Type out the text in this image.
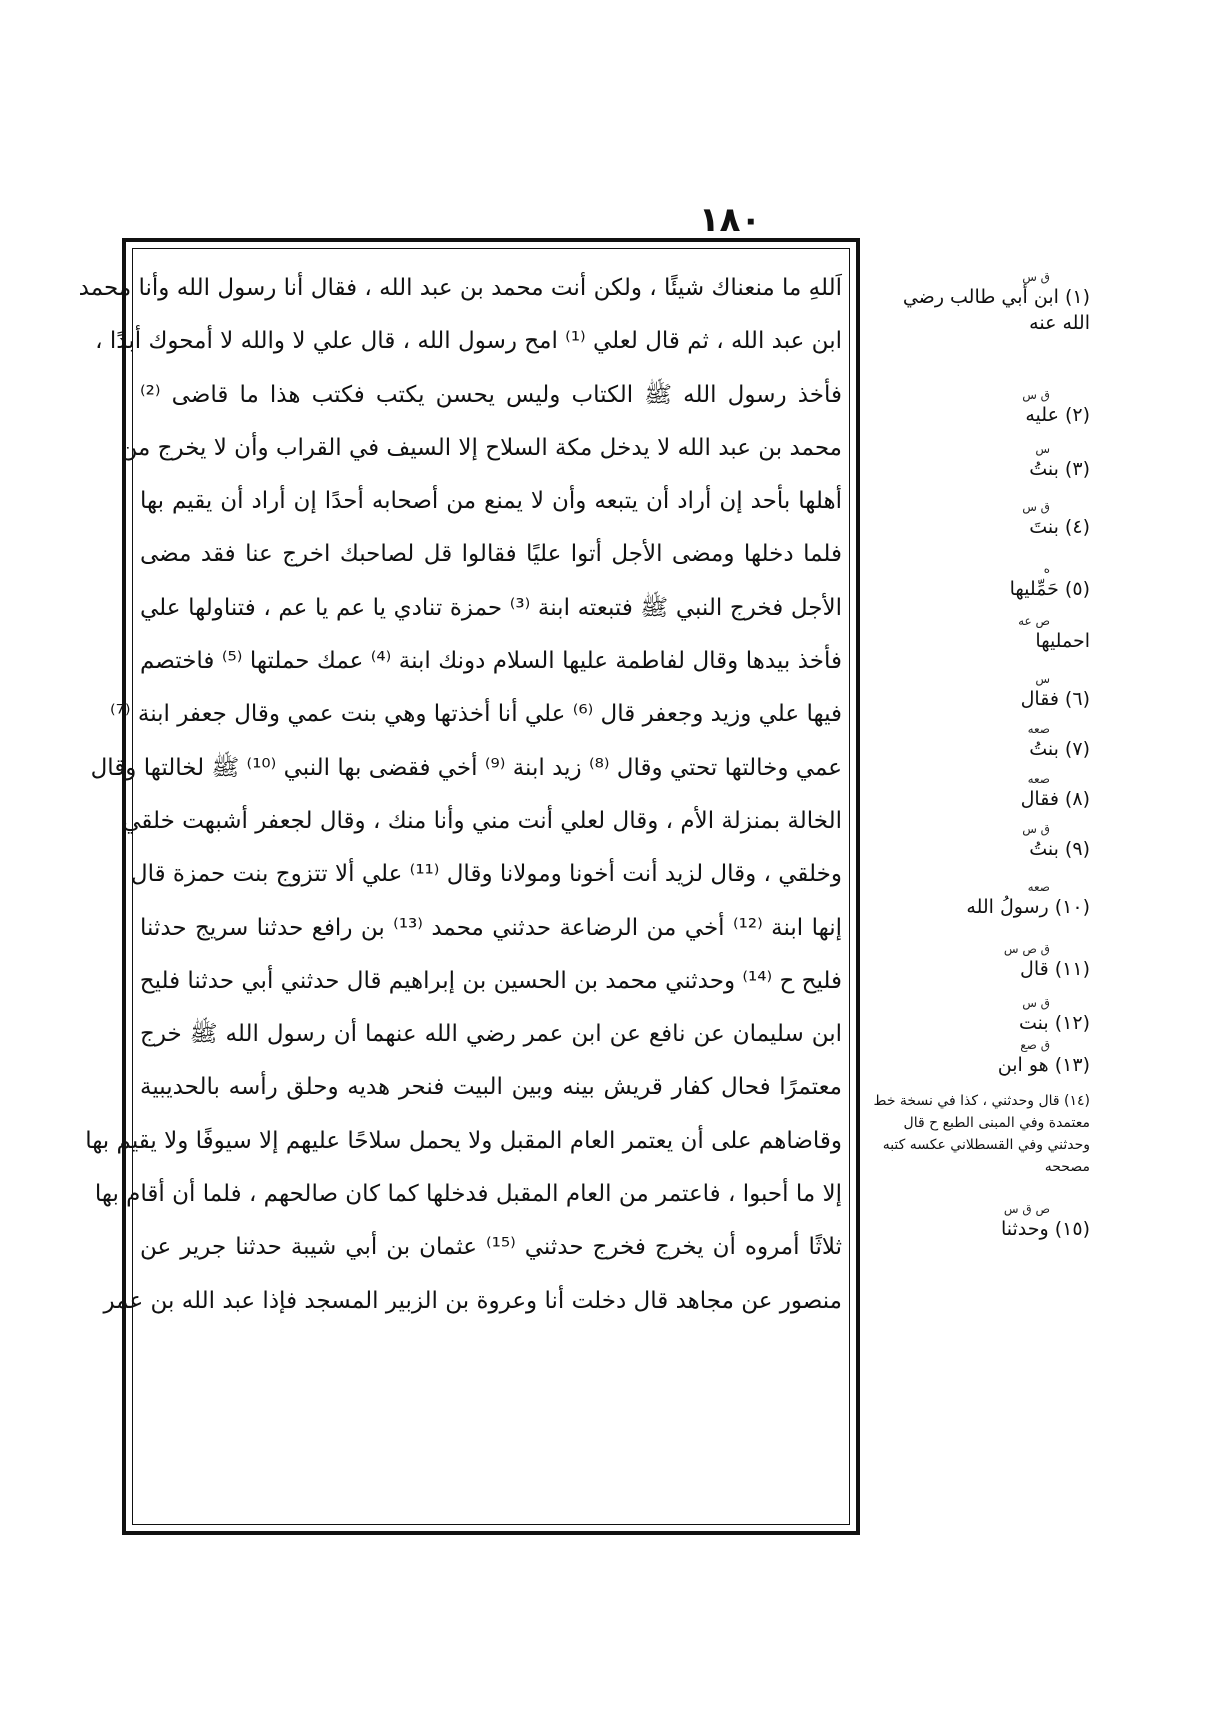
١٨٠
اَللهِ ما منعناك شيئًا ، ولكن أنت محمد بن عبد الله ، فقال أنا رسول الله وأنا محمد
ابن عبد الله ، ثم قال لعلي ⁽¹⁾ امح رسول الله ، قال علي لا والله لا أمحوك أبدًا ،
فأخذ رسول الله ﷺ الكتاب وليس يحسن يكتب فكتب هذا ما قاضى ⁽²⁾
محمد بن عبد الله لا يدخل مكة السلاح إلا السيف في القراب وأن لا يخرج من
أهلها بأحد إن أراد أن يتبعه وأن لا يمنع من أصحابه أحدًا إن أراد أن يقيم بها
فلما دخلها ومضى الأجل أتوا عليًا فقالوا قل لصاحبك اخرج عنا فقد مضى
الأجل فخرج النبي ﷺ فتبعته ابنة ⁽³⁾ حمزة تنادي يا عم يا عم ، فتناولها علي
فأخذ بيدها وقال لفاطمة عليها السلام دونك ابنة ⁽⁴⁾ عمك حملتها ⁽⁵⁾ فاختصم
فيها علي وزيد وجعفر قال ⁽⁶⁾ علي أنا أخذتها وهي بنت عمي وقال جعفر ابنة ⁽⁷⁾
عمي وخالتها تحتي وقال ⁽⁸⁾ زيد ابنة ⁽⁹⁾ أخي فقضى بها النبي ⁽¹⁰⁾ ﷺ لخالتها وقال
الخالة بمنزلة الأم ، وقال لعلي أنت مني وأنا منك ، وقال لجعفر أشبهت خلقي
وخلقي ، وقال لزيد أنت أخونا ومولانا وقال ⁽¹¹⁾ علي ألا تتزوج بنت حمزة قال
إنها ابنة ⁽¹²⁾ أخي من الرضاعة حدثني محمد ⁽¹³⁾ بن رافع حدثنا سريج حدثنا
فليح ح ⁽¹⁴⁾ وحدثني محمد بن الحسين بن إبراهيم قال حدثني أبي حدثنا فليح
ابن سليمان عن نافع عن ابن عمر رضي الله عنهما أن رسول الله ﷺ خرج
معتمرًا فحال كفار قريش بينه وبين البيت فنحر هديه وحلق رأسه بالحديبية
وقاضاهم على أن يعتمر العام المقبل ولا يحمل سلاحًا عليهم إلا سيوفًا ولا يقيم بها
إلا ما أحبوا ، فاعتمر من العام المقبل فدخلها كما كان صالحهم ، فلما أن أقام بها
ثلاثًا أمروه أن يخرج فخرج حدثني ⁽¹⁵⁾ عثمان بن أبي شيبة حدثنا جرير عن
منصور عن مجاهد قال دخلت أنا وعروة بن الزبير المسجد فإذا عبد الله بن عمر
ق س
(١) ابن أبي طالب رضي الله عنه
ق س
(٢) عليه
س
(٣) بنتُ
ق س
(٤) بنتَ
ه
(٥) حَمِّليها
ص عه
احمليها
س
(٦) فقال
صعه
(٧) بنتُ
صعه
(٨) فقال
ق س
(٩) بنتُ
صعه
(١٠) رسولُ الله
ق ص س
(١١) قال
ق س
(١٢) بنت
ق صع
(١٣) هو ابن
(١٤) قال وحدثني ، كذا في نسخة خط معتمدة وفي المبنى الطبع ح قال وحدثني وفي القسطلاني عكسه كتبه مصححه
ص ق س
(١٥) وحدثنا
